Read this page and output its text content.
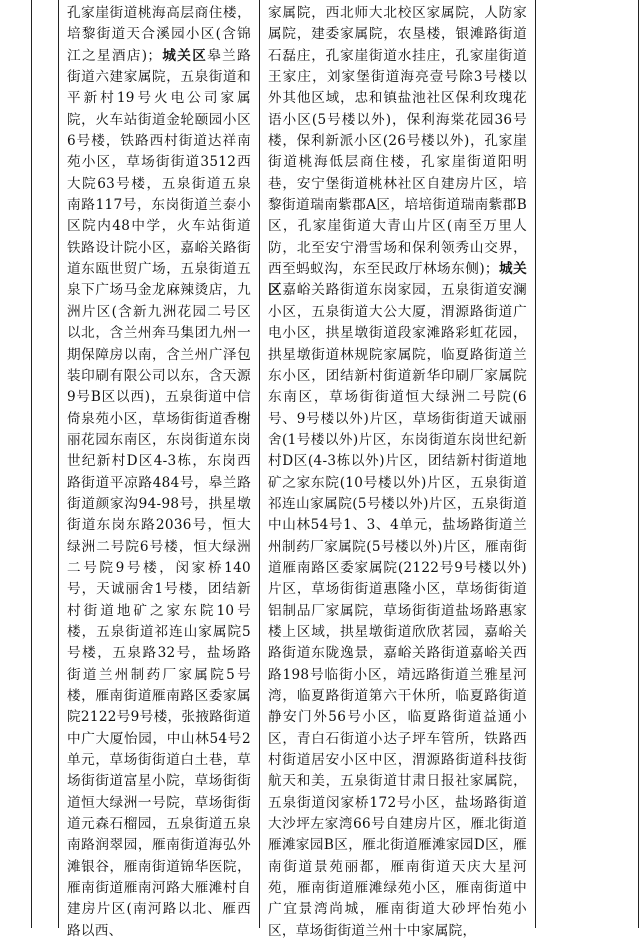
孔家崖街道桃海高层商住楼，培黎街道天合溪园小区(含锦江之星酒店)；城关区皋兰路街道六建家属院，五泉街道和平新村19号火电公司家属院，火车站街道金轮颐园小区6号楼，铁路西村街道达祥南苑小区，草场街街道3512西大院63号楼，五泉街道五泉南路117号，东岗街道兰泰小区院内48中学，火车站街道铁路设计院小区，嘉峪关路街道东瓯世贸广场，五泉街道五泉下广场马金龙麻辣烫店，九洲片区(含新九洲花园二号区以北，含兰州奔马集团九州一期保障房以南，含兰州广泽包装印刷有限公司以东，含天源9号B区以西)，五泉街道中信倚泉苑小区，草场街街道香榭丽花园东南区，东岗街道东岗世纪新村D区4-3栋，东岗西路街道平凉路484号，皋兰路街道颜家沟94-98号，拱星墩街道东岗东路2036号，恒大绿洲二号院6号楼，恒大绿洲二号院9号楼，闵家桥140号，天诚丽舍1号楼，团结新村街道地矿之家东院10号楼，五泉街道祁连山家属院5号楼，五泉路32号，盐场路街道兰州制药厂家属院5号楼，雁南街道雁南路区委家属院2122号9号楼，张掖路街道中广大厦怡园，中山林54号2单元，草场街街道白土巷，草场街街道富星小院，草场街街道恒大绿洲一号院，草场街街道元森石榴园，五泉街道五泉南路润翠园，雁南街道海弘外滩银谷，雁南街道锦华医院，雁南街道雁南河路大雁滩村自建房片区(南河路以北、雁西路以西、

家属院，西北师大北校区家属院，人防家属院，建委家属院，农垦楼，银滩路街道石磊庄，孔家崖街道水挂庄，孔家崖街道王家庄，刘家堡街道海亮壹号除3号楼以外其他区域，忠和镇盐池社区保利玫瑰花语小区(5号楼以外)，保利海棠花园36号楼，保利新派小区(26号楼以外)，孔家崖街道桃海低层商住楼，孔家崖街道阳明巷，安宁堡街道桃林社区自建房片区，培黎街道瑞南紫郡A区，培培街道瑞南紫郡B区，孔家崖街道大青山片区(南至万里人防，北至安宁滑雪场和保利领秀山交界，西至蚂蚁沟，东至民政厅林场东侧)；城关区嘉峪关路街道东岗家园，五泉街道安澜小区，五泉街道大公大厦，渭源路街道广电小区，拱星墩街道段家滩路彩虹花园，拱星墩街道林规院家属院，临夏路街道兰东小区，团结新村街道新华印刷厂家属院东南区，草场街街道恒大绿洲二号院(6号、9号楼以外)片区，草场街街道天诚丽舍(1号楼以外)片区，东岗街道东岗世纪新村D区(4-3栋以外)片区，团结新村街道地矿之家东院(10号楼以外)片区，五泉街道祁连山家属院(5号楼以外)片区，五泉街道中山林54号1、3、4单元，盐场路街道兰州制药厂家属院(5号楼以外)片区，雁南街道雁南路区委家属院(2122号9号楼以外)片区，草场街街道惠隆小区，草场街街道铝制品厂家属院，草场街街道盐场路惠家楼上区域，拱星墩街道欣欣茗园，嘉峪关路街道东陇逸景，嘉峪关路街道嘉峪关西路198号临街小区，靖远路街道兰雅星河湾，临夏路街道第六干休所，临夏路街道静安门外56号小区，临夏路街道益通小区，青白石街道小达子坪车管所，铁路西村街道居安小区中区，渭源路街道科技街航天和美，五泉街道甘肃日报社家属院，五泉街道闵家桥172号小区，盐场路街道大沙坪左家湾66号自建房片区，雁北街道雁滩家园B区，雁北街道雁滩家园D区，雁南街道景苑丽都，雁南街道天庆大星河苑，雁南街道雁滩绿苑小区，雁南街道中广宜景湾尚城，雁南街道大砂坪怡苑小区，草场街街道兰州十中家属院，
